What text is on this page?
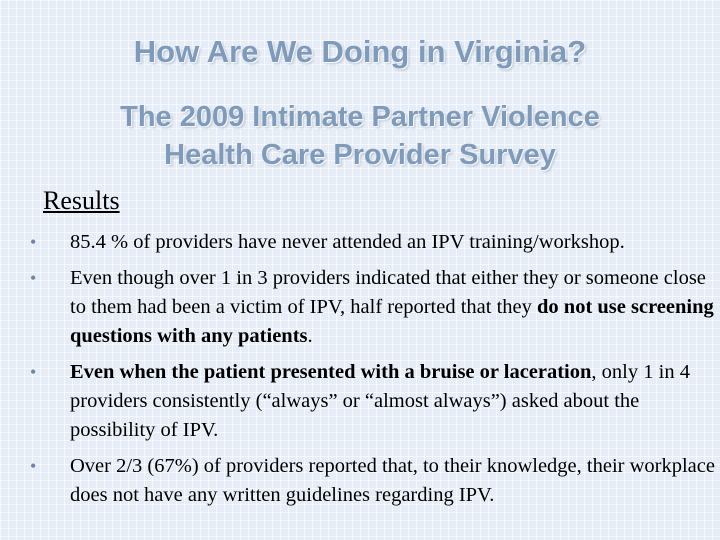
How Are We Doing in Virginia?
The 2009 Intimate Partner Violence
Health Care Provider Survey

Results

• 85.4 % of providers have never attended an IPV training/workshop.
• Even though over 1 in 3 providers indicated that either they or someone close to them had been a victim of IPV, half reported that they do not use screening questions with any patients.
• Even when the patient presented with a bruise or laceration, only 1 in 4 providers consistently (“always” or “almost always”) asked about the possibility of IPV.
• Over 2/3 (67%) of providers reported that, to their knowledge, their workplace does not have any written guidelines regarding IPV.
